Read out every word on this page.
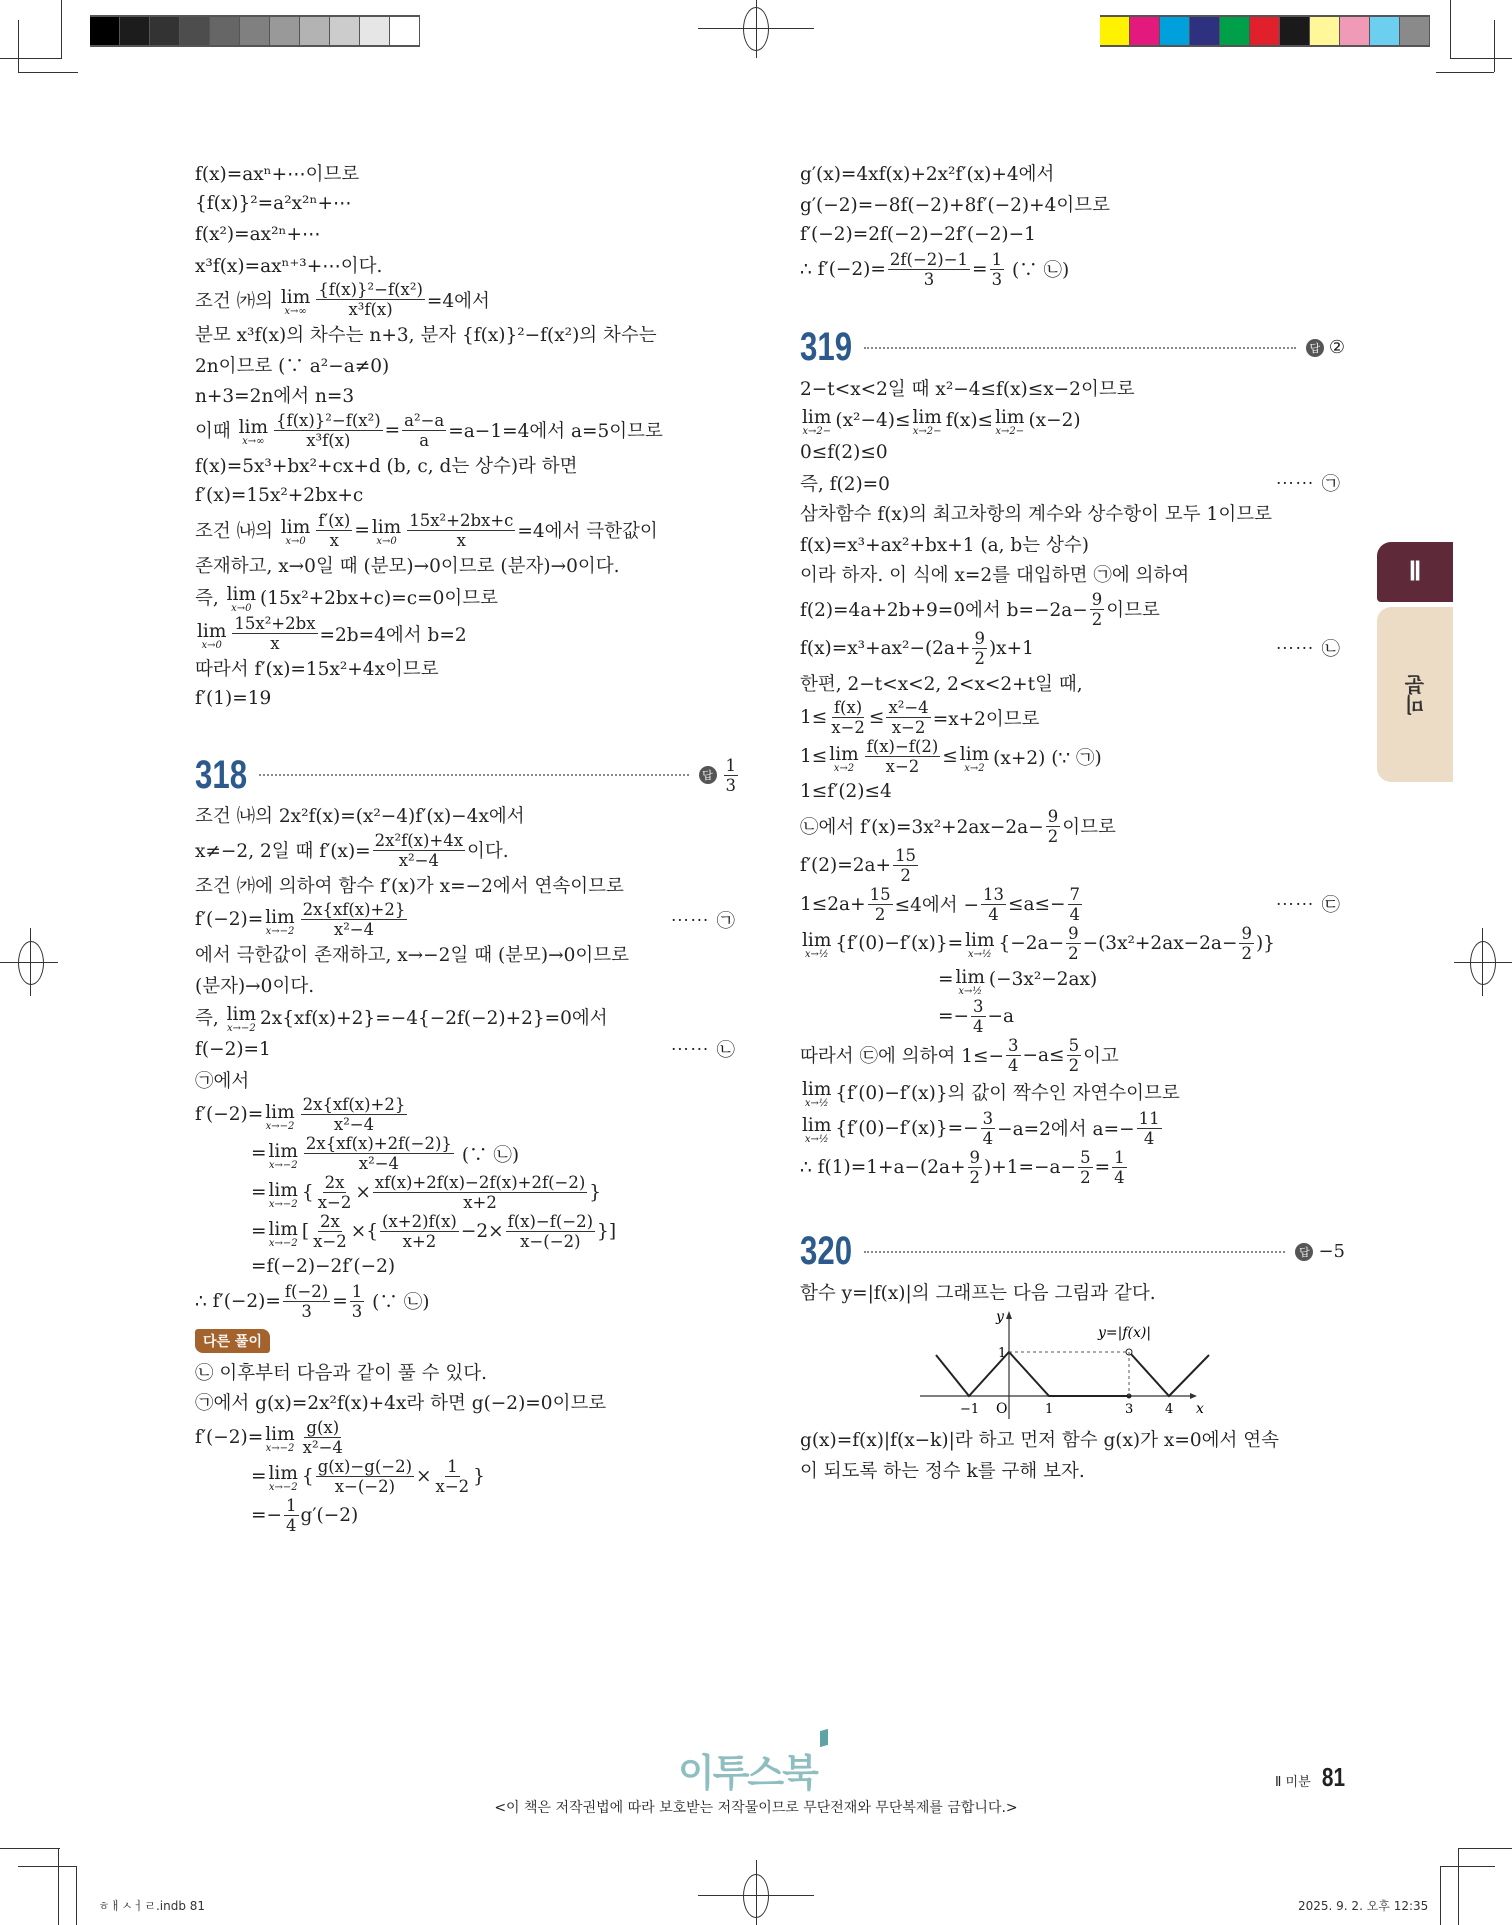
f(x)=axⁿ+⋯이므로
{f(x)}²=a²x²ⁿ+⋯
f(x²)=ax²ⁿ+⋯
x³f(x)=axⁿ⁺³+⋯이다.
조건 ㈎의 lim
$x\to\infty \frac{\text{\{f(x)\}²−f(x²)}}{\text{x³f(x)}} =4$에서
분모 x³f(x)의 차수는 n+3, 분자 {f(x)}²−f(x²)의 차수는
2n이므로 (∵ a²−a≠0)
n+3=2n에서 n=3
이때 lim
$x\to\infty \frac{\text{\{f(x)\}²−f(x²)}}{\text{x³f(x)}} = \frac{\text{a²−a}}{a} =a-1=4$에서 a=5이므로
f(x)=5x³+bx²+cx+d (b, c, d는 상수)라 하면
f′(x)=15x²+2bx+c
조건 ㈏의 lim
$x\to 0 \frac{f'(x)}{x} = \lim$
$x\to 0 \frac{\text{15x²+2bx+c}}{x} =4$에서 극한값이
존재하고, x→0일 때 (분모)→0이므로 (분자)→0이다.
즉, lim
x→0 (15x²+2bx+c)=c=0이므로
lim
$x\to 0 \frac{\text{15x²+2bx}}{x} =2b=4$에서 b=2
따라서 f′(x)=15x²+4x이므로
f′(1)=19
318	답 $\frac{1}{3}$
조건 ㈏의 2x²f(x)=(x²−4)f′(x)−4x에서
x≠−2, 2일 때 $f'(x)= \frac{\text{2x²f(x)+4x}}{\text{x²−4}}$ 이다.
조건 ㈎에 의하여 함수 f′(x)가 x=−2에서 연속이므로
f′(−2)= lim
$x\to-2 \frac{2x\{xf(x)+2\}}{\text{x²−4}}$	⋯⋯ ㉠
에서 극한값이 존재하고, x→−2일 때 (분모)→0이므로
(분자)→0이다.
즉, lim
x→−2 2x{xf(x)+2}=−4{−2f(−2)+2}=0에서
f(−2)=1	⋯⋯ ㉡
㉠에서
f′(−2)= lim
$x\to-2 \frac{2x\{xf(x)+2\}}{\text{x²−4}}$
= lim
$x\to-2 \frac{2x\{xf(x)+2f(-2)\}}{\text{x²−4}}$ (∵ ㉡)
= lim
x→−2
{ $\frac{2x}{x-2} \times \frac{xf(x)+2f(x)-2f(x)+2f(-2)}{x+2}$ }
= lim
x→−2
[ $\frac{2x}{x-2}$ ×{ $\frac{(x+2)f(x)}{x+2} -2\times \frac{f(x)-f(-2)}{x-(-2)}$ }]
=f(−2)−2f′(−2)
∴ $f'(-2)= \frac{f(-2)}{3} = \frac{1}{3}$ (∵ ㉡)
다른 풀이
㉡ 이후부터 다음과 같이 풀 수 있다.
㉠에서 g(x)=2x²f(x)+4x라 하면 g(−2)=0이므로
f′(−2)= lim
$x\to-2 \frac{g(x)}{\text{x²−4}}$
= lim
x→−2
{ $\frac{g(x)-g(-2)}{x-(-2)} \times \frac{1}{x-2}$ }
=− $\frac{1}{4} g'(-2)$
g′(x)=4xf(x)+2x²f′(x)+4에서
g′(−2)=−8f(−2)+8f′(−2)+4이므로
f′(−2)=2f(−2)−2f′(−2)−1
∴ $f'(-2)= \frac{2f(-2)-1}{3} = \frac{1}{3}$ (∵ ㉡)
319	답 ②
2−t<x<2일 때 x²−4≤f(x)≤x−2이므로
lim
x→2−
(x²−4)≤ lim
x→2−
f(x)≤ lim
x→2−
(x−2)
0≤f(2)≤0
즉, f(2)=0	⋯⋯ ㉠
삼차함수 f(x)의 최고차항의 계수와 상수항이 모두 1이므로
f(x)=x³+ax²+bx+1 (a, b는 상수)
이라 하자. 이 식에 x=2를 대입하면 ㉠에 의하여
f(2)=4a+2b+9=0에서 $b=-2a- \frac{9}{2}$ 이므로
$f(x)=x^3+ax^2-(2a+ \frac{9}{2} )x+1$	⋯⋯ ㉡
한편, 2−t<x<2, 2<x<2+t일 때,
$1\le \frac{f(x)}{x-2} \le \frac{\text{x²−4}}{x-2} =x+2$이므로
1≤ lim
$x\to 2 \frac{f(x)-f(2)}{x-2} \le \lim$
x→2 (x+2) (∵ ㉠)
1≤f′(2)≤4
㉡에서 $f'(x)=3x^2+2ax-2a- \frac{9}{2}$ 이므로
$f'(2)=2a+ \frac{15}{2}$
$1\le 2a+ \frac{15}{2} \le 4$에서 − $\frac{13}{4} \le a\le- \frac{7}{4}$	⋯⋯ ㉢
lim
x→½
{f′(0)−f′(x)}= lim
x→½
{$-2a- \frac{9}{2} -(3x^2+2ax-2a- \frac{9}{2}$ )}
= lim
x→½
(−3x²−2ax)
=− $\frac{3}{4} -a$
따라서 ㉢에 의하여 $1\le- \frac{3}{4} -a\le \frac{5}{2}$ 이고
lim
x→½ {f′(0)−f′(x)}의 값이 짝수인 자연수이므로
lim
x→½
$\{f'(0)-f'(x)\}=- \frac{3}{4} -a=2$에서 $a=- \frac{11}{4}$
∴ $f(1)=1+a-(2a+ \frac{9}{2} )+1=-a- \frac{5}{2} = \frac{1}{4}$
320	답 −5
함수 y=|f(x)|의 그래프는 다음 그림과 같다.
y
x
O
1
−1	1	3 4
y=|f(x)|
g(x)=f(x)|f(x−k)|라 하고 먼저 함수 g(x)가 x=0에서 연속
이 되도록 하는 정수 k를 구해 보자.
Ⅱ
미분
이투스북
<이 책은 저작권법에 따라 보호받는 저작물이므로 무단전재와 무단복제를 금합니다.>
Ⅱ 미분 81
ㅎㅐㅅㅓㄹ.indb 81	2025. 9. 2. 오후 12:35
